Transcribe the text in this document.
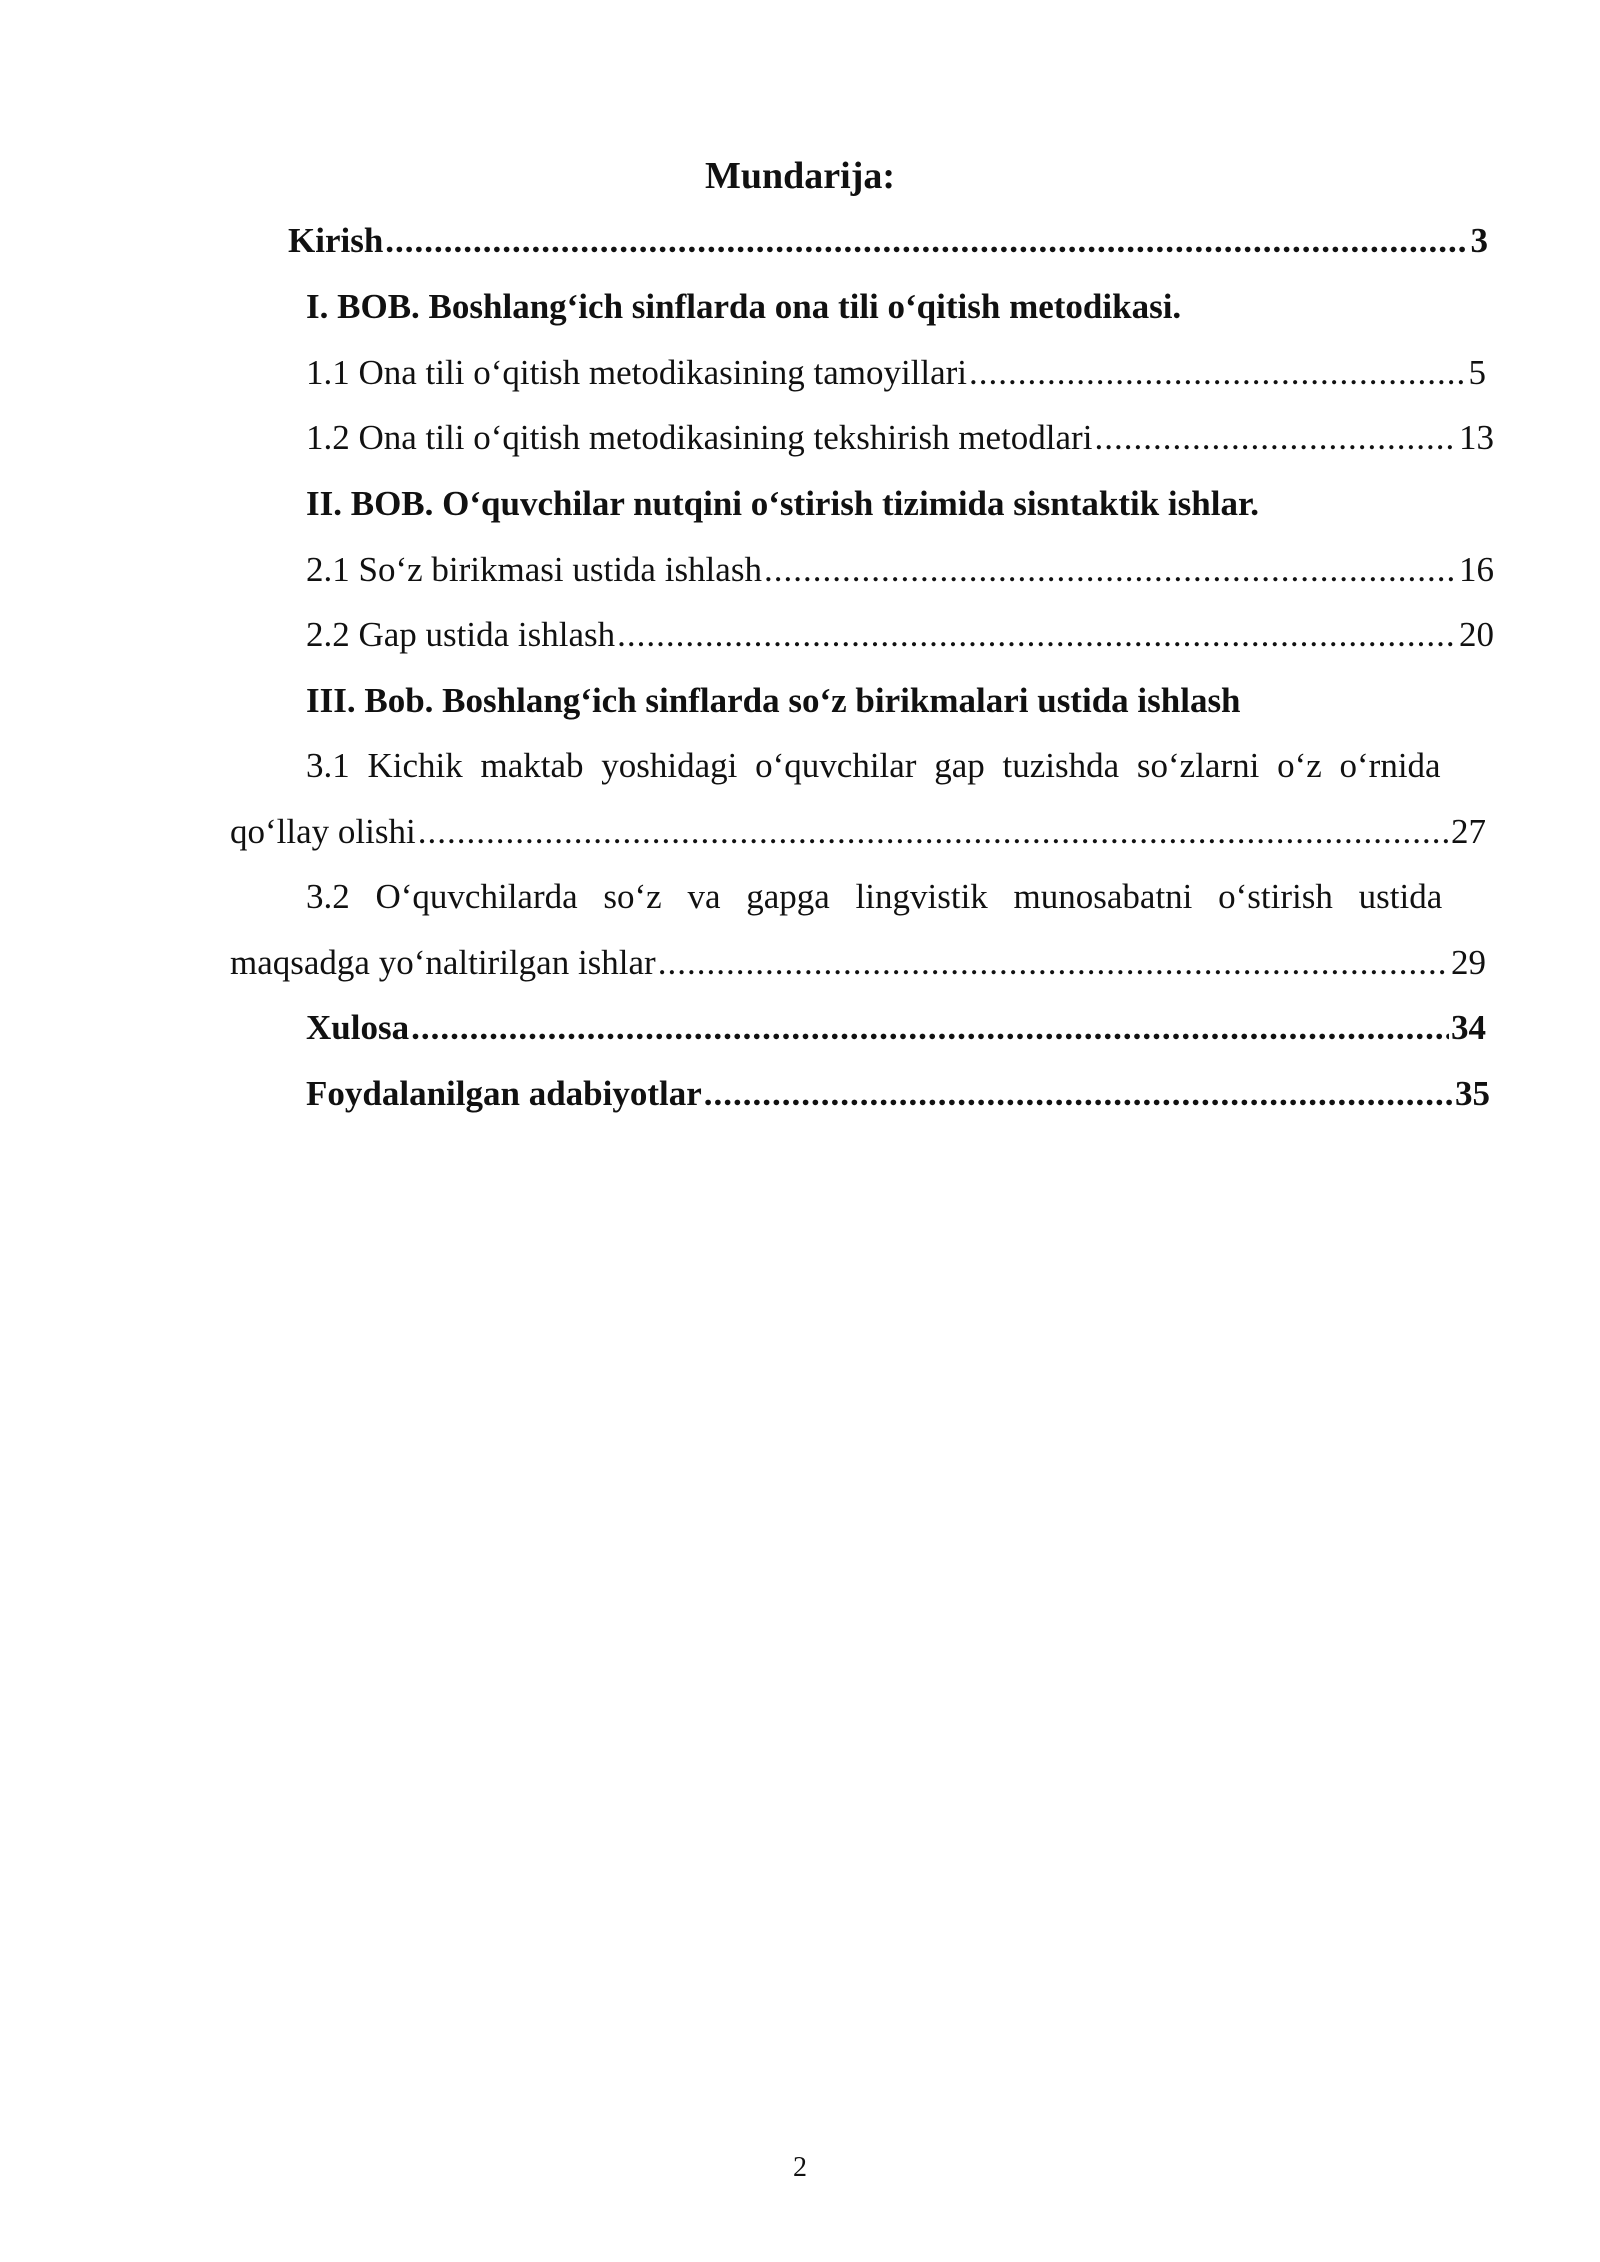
Mundarija:
Kirish .....	3
I. BOB. Boshlang‘ich sinflarda ona tili o‘qitish metodikasi.
1.1 Ona tili o‘qitish metodikasining tamoyillari .....	5
1.2 Ona tili o‘qitish metodikasining tekshirish metodlari .....	13
II. BOB. O‘quvchilar nutqini o‘stirish tizimida sisntaktik ishlar.
2.1 So‘z birikmasi ustida ishlash .....	16
2.2 Gap ustida ishlash .....	20
III. Bob. Boshlang‘ich sinflarda so‘z birikmalari ustida ishlash
3.1 Kichik maktab yoshidagi o‘quvchilar gap tuzishda so‘zlarni o‘z o‘rnida
qo‘llay olishi .....	27
3.2 O‘quvchilarda so‘z va gapga lingvistik munosabatni o‘stirish ustida
maqsadga yo‘naltirilgan ishlar .....	29
Xulosa .....	34
Foydalanilgan adabiyotlar .....	35
2
